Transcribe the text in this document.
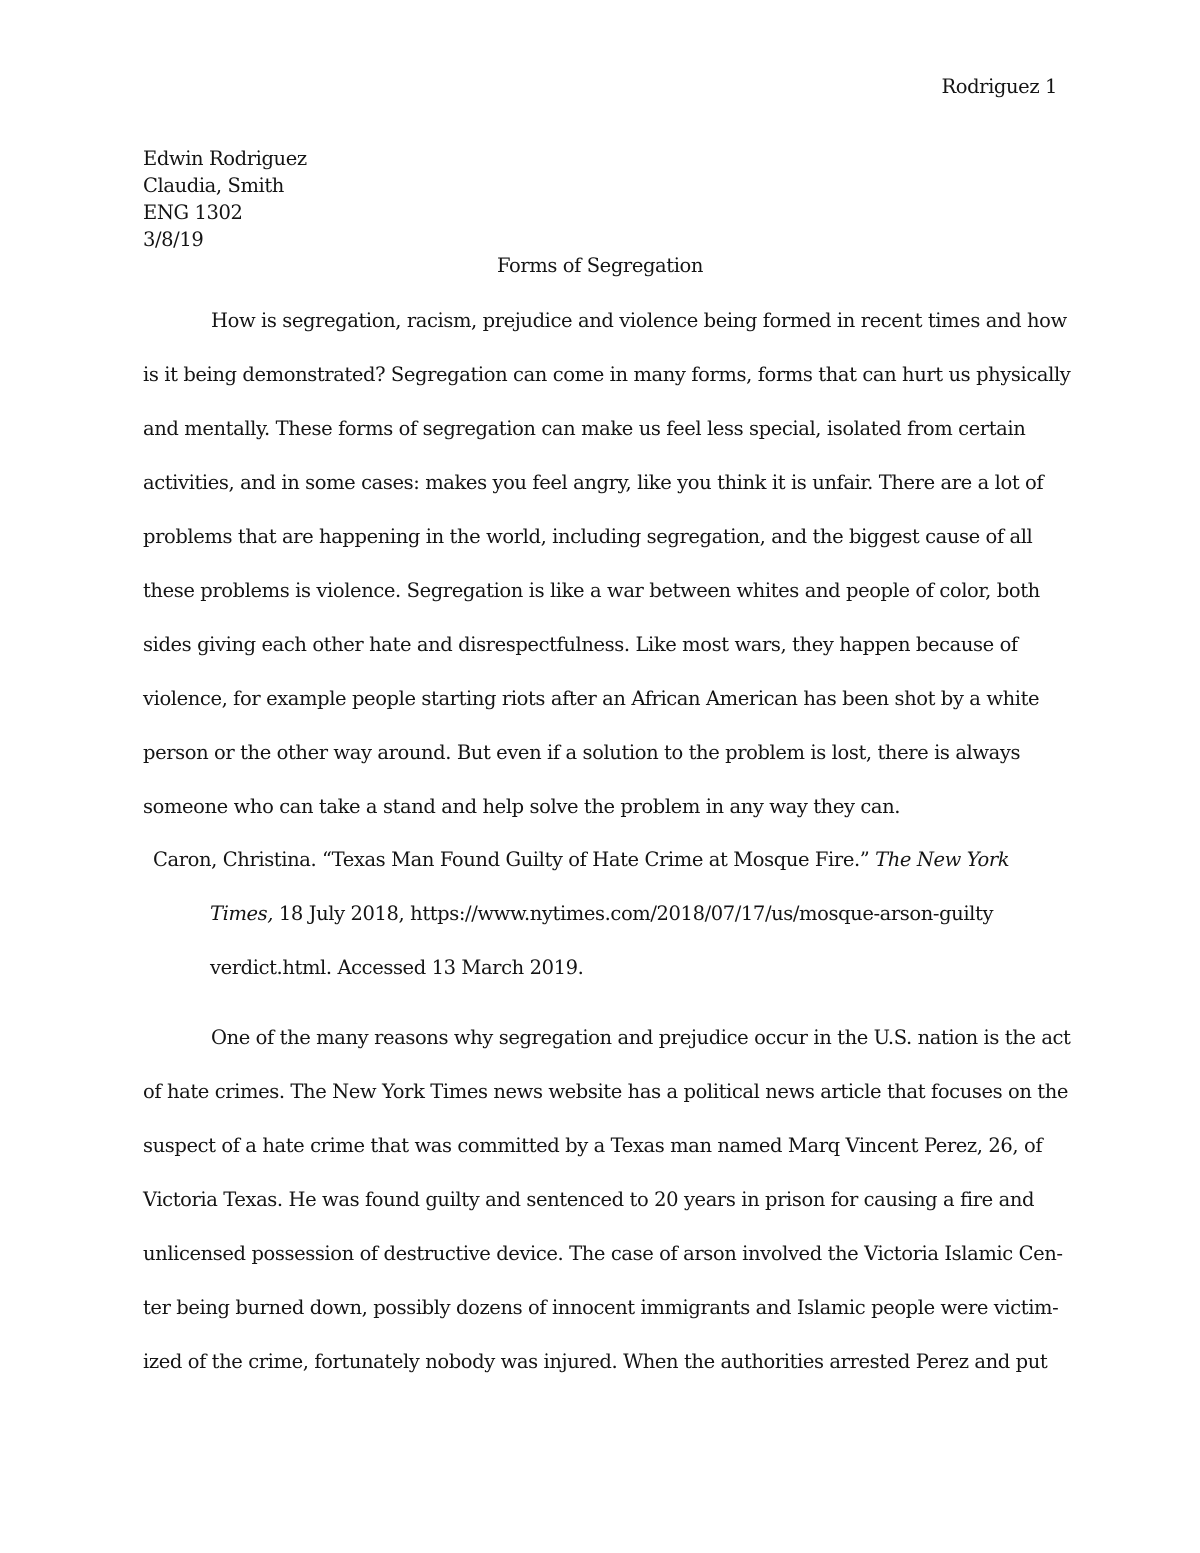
Rodriguez 1
Edwin Rodriguez
Claudia, Smith
ENG 1302
3/8/19
Forms of Segregation
How is segregation, racism, prejudice and violence being formed in recent times and how
is it being demonstrated? Segregation can come in many forms, forms that can hurt us physically
and mentally. These forms of segregation can make us feel less special, isolated from certain
activities, and in some cases: makes you feel angry, like you think it is unfair. There are a lot of
problems that are happening in the world, including segregation, and the biggest cause of all
these problems is violence. Segregation is like a war between whites and people of color, both
sides giving each other hate and disrespectfulness. Like most wars, they happen because of
violence, for example people starting riots after an African American has been shot by a white
person or the other way around. But even if a solution to the problem is lost, there is always
someone who can take a stand and help solve the problem in any way they can.
Caron, Christina. “Texas Man Found Guilty of Hate Crime at Mosque Fire.” The New York
Times, 18 July 2018, https://www.nytimes.com/2018/07/17/us/mosque-arson-guilty
verdict.html. Accessed 13 March 2019.
One of the many reasons why segregation and prejudice occur in the U.S. nation is the act
of hate crimes. The New York Times news website has a political news article that focuses on the
suspect of a hate crime that was committed by a Texas man named Marq Vincent Perez, 26, of
Victoria Texas. He was found guilty and sentenced to 20 years in prison for causing a fire and
unlicensed possession of destructive device. The case of arson involved the Victoria Islamic Cen-
ter being burned down, possibly dozens of innocent immigrants and Islamic people were victim-
ized of the crime, fortunately nobody was injured. When the authorities arrested Perez and put
